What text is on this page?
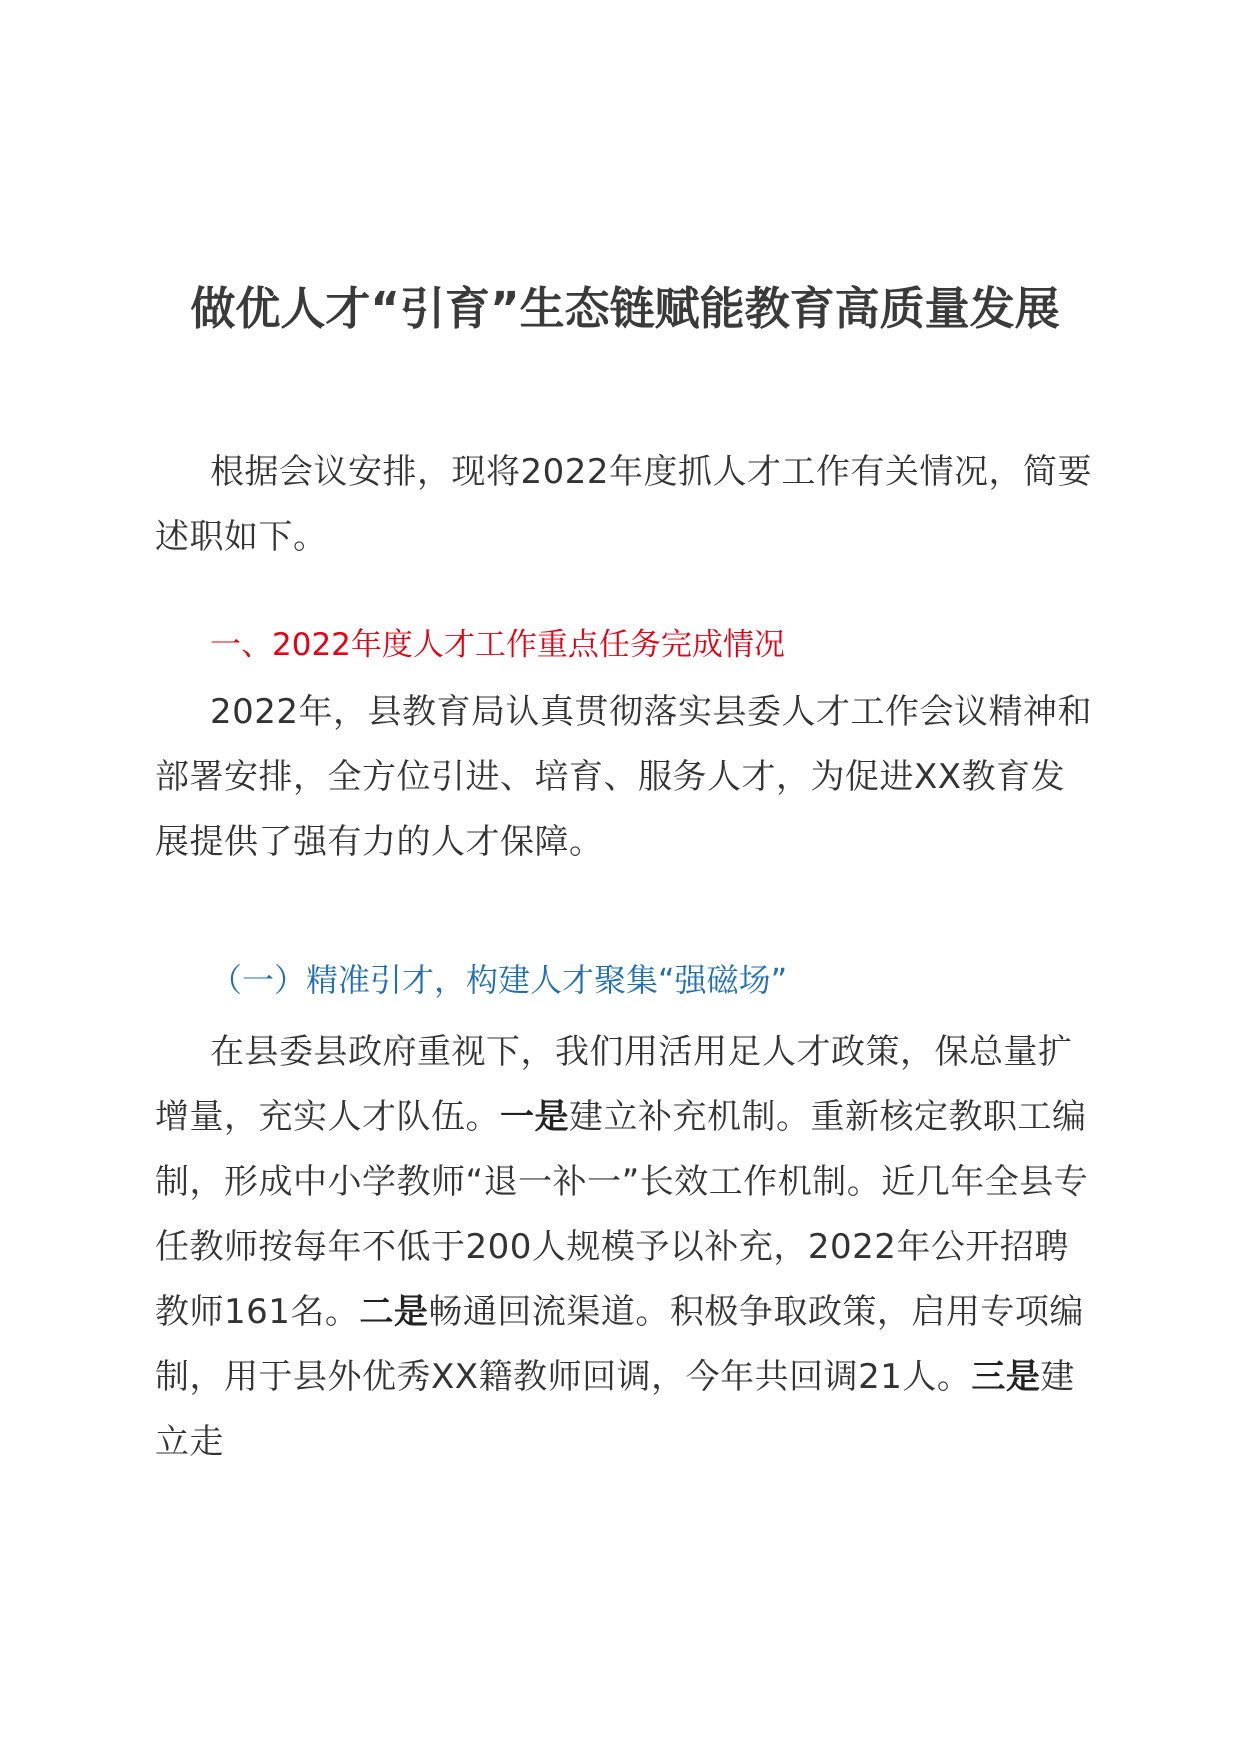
做优人才“引育”生态链赋能教育高质量发展

根据会议安排，现将2022年度抓人才工作有关情况，简要述职如下。

一、2022年度人才工作重点任务完成情况

2022年，县教育局认真贯彻落实县委人才工作会议精神和部署安排，全方位引进、培育、服务人才，为促进XX教育发展提供了强有力的人才保障。

（一）精准引才，构建人才聚集“强磁场”

在县委县政府重视下，我们用活用足人才政策，保总量扩增量，充实人才队伍。一是建立补充机制。重新核定教职工编制，形成中小学教师“退一补一”长效工作机制。近几年全县专任教师按每年不低于200人规模予以补充，2022年公开招聘教师161名。二是畅通回流渠道。积极争取政策，启用专项编制，用于县外优秀XX籍教师回调，今年共回调21人。三是建立走
